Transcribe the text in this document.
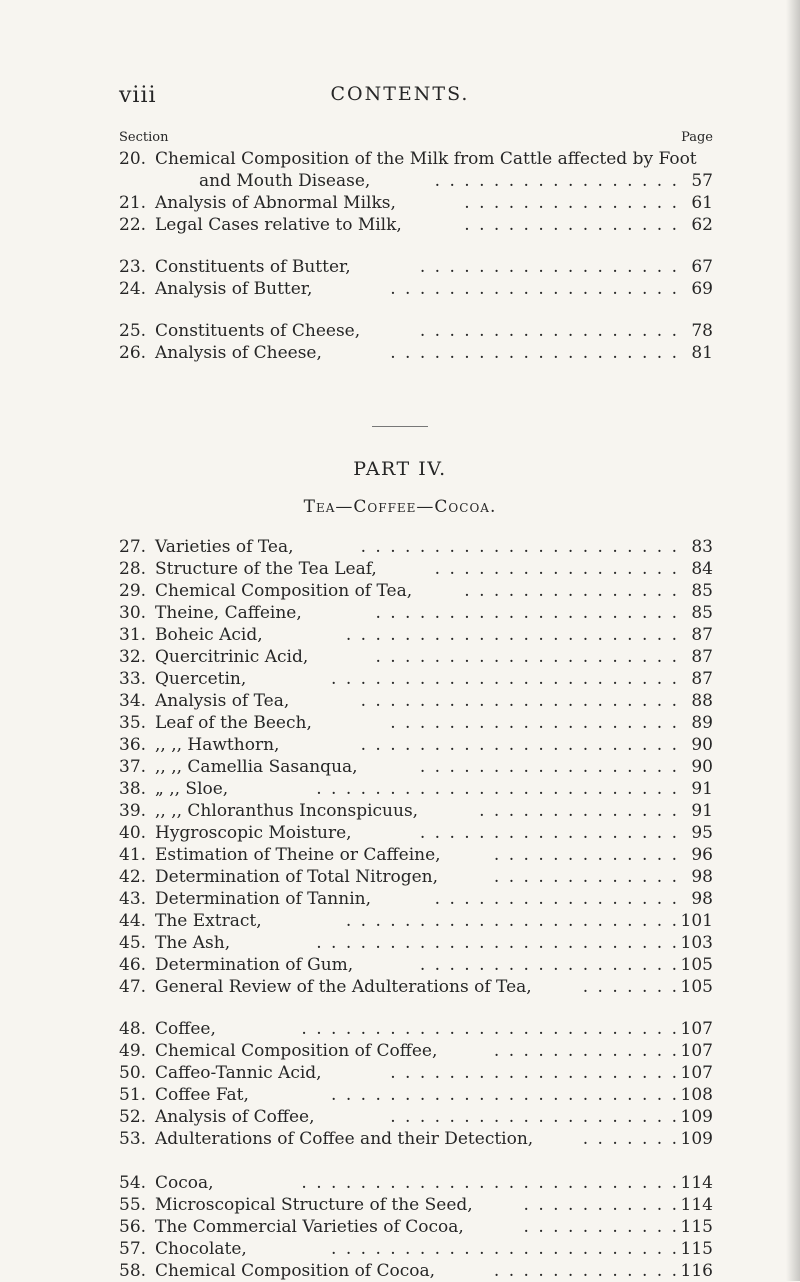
viii	CONTENTS.
Section	Page
PART IV.
Tea—Coffee—Cocoa.
20. Chemical Composition of the Milk from Cattle affected by Foot
and Mouth Disease,	. . . . . . . . . . . . . . . . . 57
21. Analysis of Abnormal Milks,	. . . . . . . . . . . . . . . 61
22. Legal Cases relative to Milk,	. . . . . . . . . . . . . . . 62
23. Constituents of Butter,	. . . . . . . . . . . . . . . . . . 67
24. Analysis of Butter,	. . . . . . . . . . . . . . . . . . . . 69
25. Constituents of Cheese,	. . . . . . . . . . . . . . . . . . 78
26. Analysis of Cheese,	. . . . . . . . . . . . . . . . . . . . 81
27. Varieties of Tea,	. . . . . . . . . . . . . . . . . . . . . . 83
28. Structure of the Tea Leaf,	. . . . . . . . . . . . . . . . . 84
29. Chemical Composition of Tea,	. . . . . . . . . . . . . . . 85
30. Theine, Caffeine,	. . . . . . . . . . . . . . . . . . . . . 85
31. Boheic Acid,	. . . . . . . . . . . . . . . . . . . . . . . 87
32. Quercitrinic Acid,	. . . . . . . . . . . . . . . . . . . . . 87
33. Quercetin,	. . . . . . . . . . . . . . . . . . . . . . . . 87
34. Analysis of Tea,	. . . . . . . . . . . . . . . . . . . . . . 88
35. Leaf of the Beech,	. . . . . . . . . . . . . . . . . . . . 89
36. ,, ,, Hawthorn,	. . . . . . . . . . . . . . . . . . . . . . 90
37. ,, ,, Camellia Sasanqua,	. . . . . . . . . . . . . . . . . . 90
38. „ ,, Sloe,	. . . . . . . . . . . . . . . . . . . . . . . . . 91
39. ,, ,, Chloranthus Inconspicuus,	. . . . . . . . . . . . . . 91
40. Hygroscopic Moisture,	. . . . . . . . . . . . . . . . . . 95
41. Estimation of Theine or Caffeine,	. . . . . . . . . . . . . 96
42. Determination of Total Nitrogen,	. . . . . . . . . . . . . 98
43. Determination of Tannin,	. . . . . . . . . . . . . . . . . 98
44. The Extract,	. . . . . . . . . . . . . . . . . . . . . . . 101
45. The Ash,	. . . . . . . . . . . . . . . . . . . . . . . . . 103
46. Determination of Gum,	. . . . . . . . . . . . . . . . . . 105
47. General Review of the Adulterations of Tea,	. . . . . . . 105
48. Coffee,	. . . . . . . . . . . . . . . . . . . . . . . . . . 107
49. Chemical Composition of Coffee,	. . . . . . . . . . . . . 107
50. Caffeo-Tannic Acid,	. . . . . . . . . . . . . . . . . . . . 107
51. Coffee Fat,	. . . . . . . . . . . . . . . . . . . . . . . . 108
52. Analysis of Coffee,	. . . . . . . . . . . . . . . . . . . . 109
53. Adulterations of Coffee and their Detection,	. . . . . . . 109
54. Cocoa,	. . . . . . . . . . . . . . . . . . . . . . . . . . 114
55. Microscopical Structure of the Seed,	. . . . . . . . . . . 114
56. The Commercial Varieties of Cocoa,	. . . . . . . . . . . 115
57. Chocolate,	. . . . . . . . . . . . . . . . . . . . . . . . 115
58. Chemical Composition of Cocoa,	. . . . . . . . . . . . . 116
